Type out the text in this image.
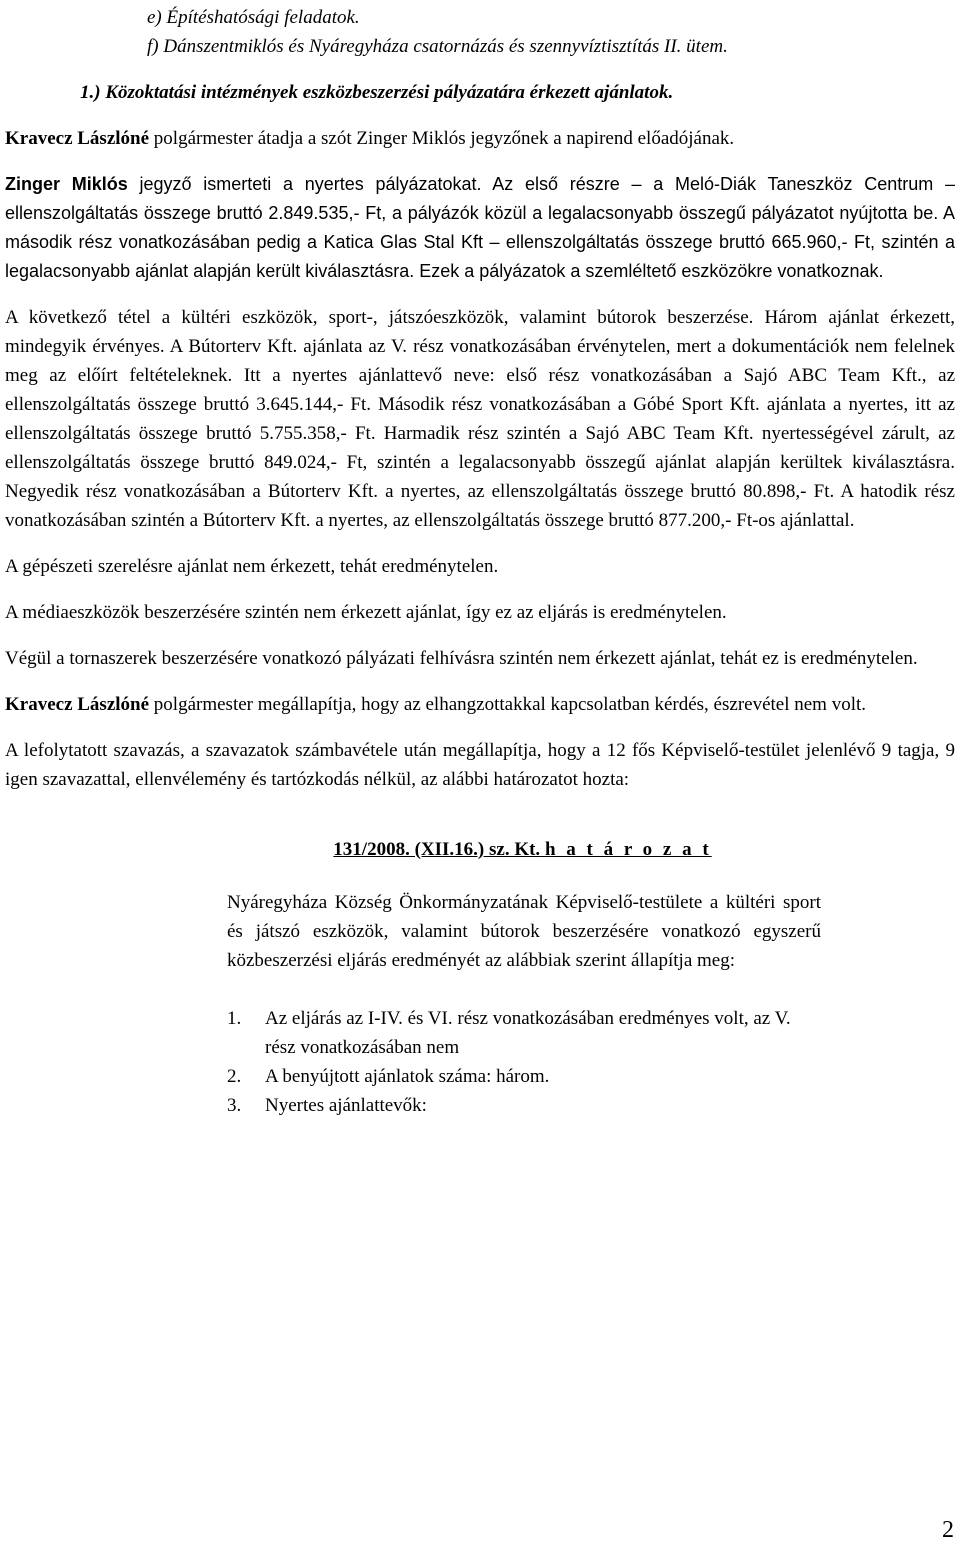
e) Építéshatósági feladatok.

f) Dánszentmiklós és Nyáregyháza csatornázás és szennyvíztisztítás II. ütem.

1.) Közoktatási intézmények eszközbeszerzési pályázatára érkezett ajánlatok.

Kravecz Lászlóné polgármester átadja a szót Zinger Miklós jegyzőnek a napirend előadójának.

Zinger Miklós jegyző ismerteti a nyertes pályázatokat. Az első részre – a Meló-Diák Taneszköz Centrum – ellenszolgáltatás összege bruttó 2.849.535,- Ft, a pályázók közül a legalacsonyabb összegű pályázatot nyújtotta be. A második rész vonatkozásában pedig a Katica Glas Stal Kft – ellenszolgáltatás összege bruttó 665.960,- Ft, szintén a legalacsonyabb ajánlat alapján került kiválasztásra. Ezek a pályázatok a szemléltető eszközökre vonatkoznak.

A következő tétel a kültéri eszközök, sport-, játszóeszközök, valamint bútorok beszerzése. Három ajánlat érkezett, mindegyik érvényes. A Bútorterv Kft. ajánlata az V. rész vonatkozásában érvénytelen, mert a dokumentációk nem felelnek meg az előírt feltételeknek. Itt a nyertes ajánlattevő neve: első rész vonatkozásában a Sajó ABC Team Kft., az ellenszolgáltatás összege bruttó 3.645.144,- Ft. Második rész vonatkozásában a Góbé Sport Kft. ajánlata a nyertes, itt az ellenszolgáltatás összege bruttó 5.755.358,- Ft. Harmadik rész szintén a Sajó ABC Team Kft. nyertességével zárult, az ellenszolgáltatás összege bruttó 849.024,- Ft, szintén a legalacsonyabb összegű ajánlat alapján kerültek kiválasztásra. Negyedik rész vonatkozásában a Bútorterv Kft. a nyertes, az ellenszolgáltatás összege bruttó 80.898,- Ft. A hatodik rész vonatkozásában szintén a Bútorterv Kft. a nyertes, az ellenszolgáltatás összege bruttó 877.200,- Ft-os ajánlattal.

A gépészeti szerelésre ajánlat nem érkezett, tehát eredménytelen.

A médiaeszközök beszerzésére szintén nem érkezett ajánlat, így ez az eljárás is eredménytelen.

Végül a tornaszerek beszerzésére vonatkozó pályázati felhívásra szintén nem érkezett ajánlat, tehát ez is eredménytelen.

Kravecz Lászlóné polgármester megállapítja, hogy az elhangzottakkal kapcsolatban kérdés, észrevétel nem volt.

A lefolytatott szavazás, a szavazatok számbavétele után megállapítja, hogy a 12 fős Képviselő-testület jelenlévő 9 tagja, 9 igen szavazattal, ellenvélemény és tartózkodás nélkül, az alábbi határozatot hozta:

131/2008. (XII.16.) sz. Kt. h a t á r o z a t

Nyáregyháza Község Önkormányzatának Képviselő-testülete a kültéri sport és játszó eszközök, valamint bútorok beszerzésére vonatkozó egyszerű közbeszerzési eljárás eredményét az alábbiak szerint állapítja meg:

1. Az eljárás az I-IV. és VI. rész vonatkozásában eredményes volt, az V. rész vonatkozásában nem
2. A benyújtott ajánlatok száma: három.
3. Nyertes ajánlattevők:
2
